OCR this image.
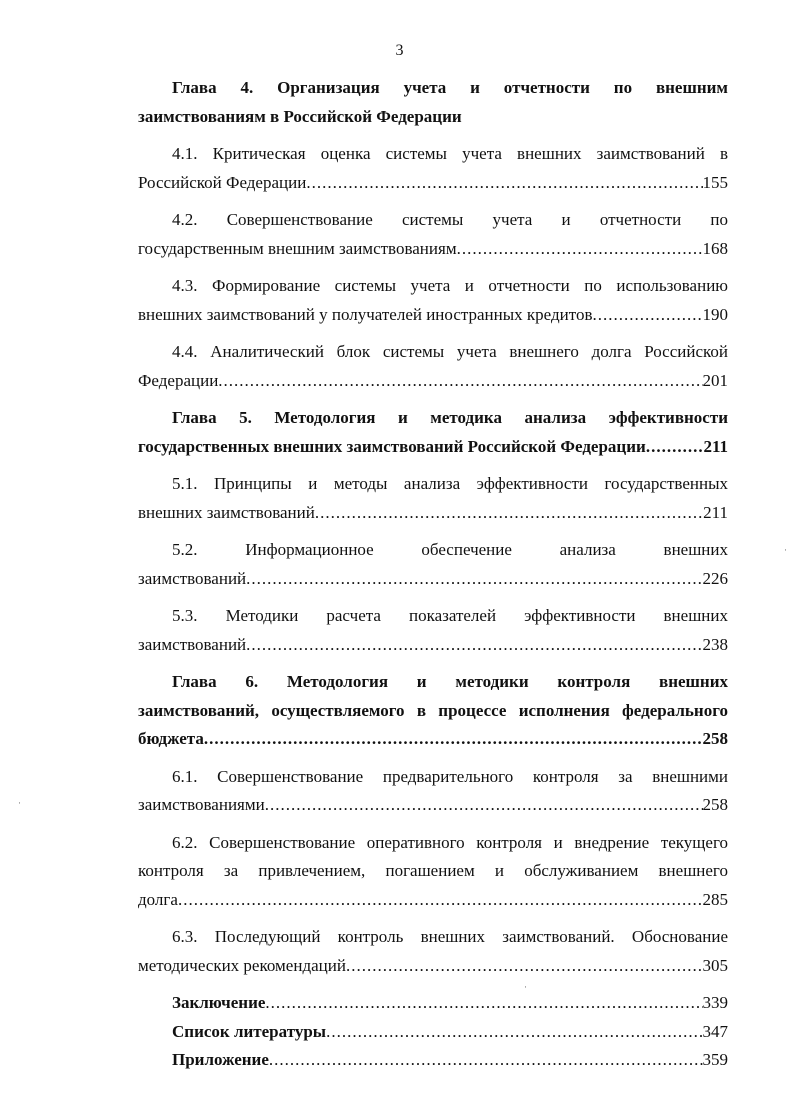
3
Глава 4. Организация учета и отчетности по внешним
заимствованиям в Российской Федерации
4.1. Критическая оценка системы учета внешних заимствований в
Российской Федерации .....	155
4.2. Совершенствование системы учета и отчетности по
государственным внешним заимствованиям .....	168
4.3. Формирование системы учета и отчетности по использованию
внешних заимствований у получателей иностранных кредитов .....	190
4.4. Аналитический блок системы учета внешнего долга Российской
Федерации .....	201
Глава 5. Методология и методика анализа эффективности
государственных внешних заимствований Российской Федерации .....	211
5.1. Принципы и методы анализа эффективности государственных
внешних заимствований .....	211
5.2. Информационное обеспечение анализа внешних
заимствований .....	226
5.3. Методики расчета показателей эффективности внешних
заимствований .....	238
Глава 6. Методология и методики контроля внешних
заимствований, осуществляемого в процессе исполнения федерального
бюджета .....	258
6.1. Совершенствование предварительного контроля за внешними
заимствованиями .....	258
6.2. Совершенствование оперативного контроля и внедрение текущего
контроля за привлечением, погашением и обслуживанием внешнего
долга .....	285
6.3. Последующий контроль внешних заимствований. Обоснование
методических рекомендаций .....	305
Заключение .....	339
Список литературы .....	347
Приложение .....	359
·
·
·
